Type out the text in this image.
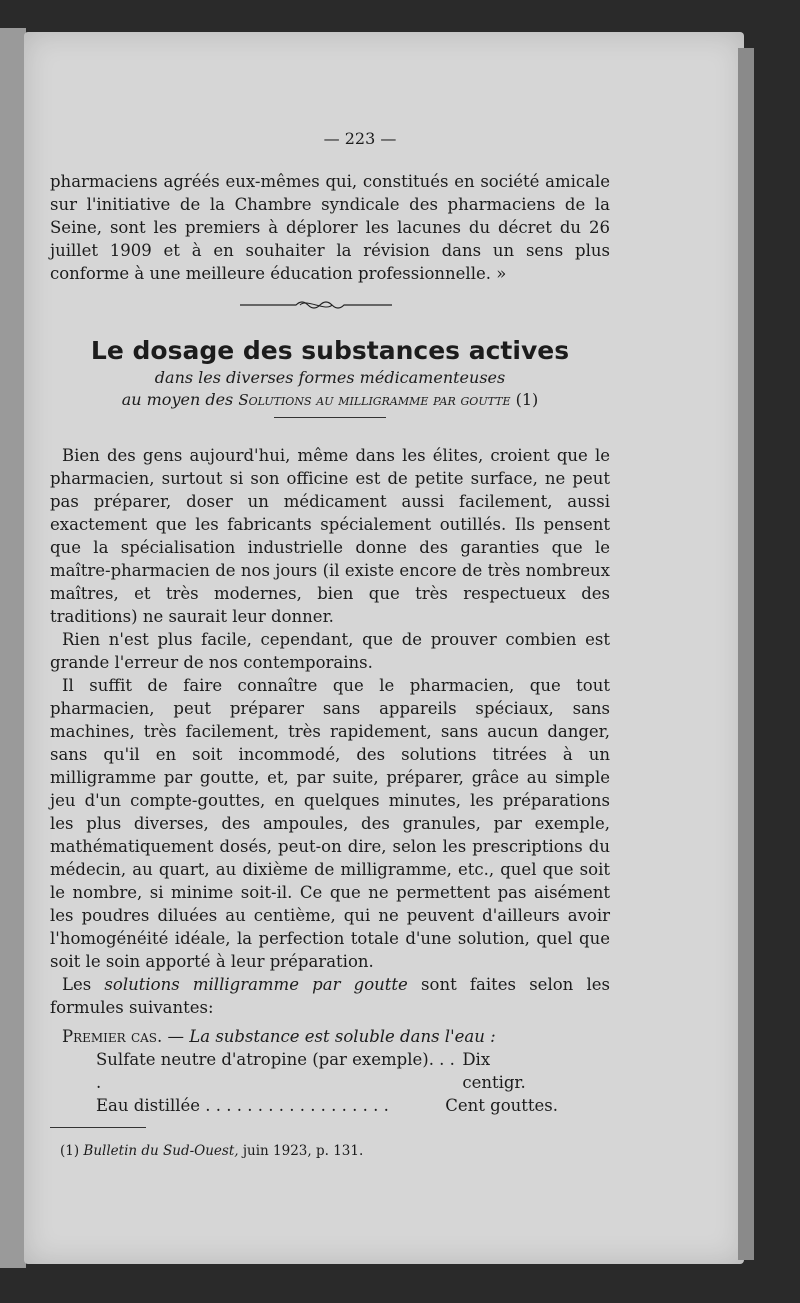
— 223 —

pharmaciens agréés eux-mêmes qui, constitués en société amicale sur l'initiative de la Chambre syndicale des pharmaciens de la Seine, sont les premiers à déplorer les lacunes du décret du 26 juillet 1909 et à en souhaiter la révision dans un sens plus conforme à une meilleure éducation professionnelle. »

Le dosage des substances actives
dans les diverses formes médicamenteuses
au moyen des Solutions au milligramme par goutte (1)

Bien des gens aujourd'hui, même dans les élites, croient que le pharmacien, surtout si son officine est de petite surface, ne peut pas préparer, doser un médicament aussi facilement, aussi exactement que les fabricants spécialement outillés. Ils pensent que la spécialisation industrielle donne des garanties que le maître-pharmacien de nos jours (il existe encore de très nombreux maîtres, et très modernes, bien que très respectueux des traditions) ne saurait leur donner.

Rien n'est plus facile, cependant, que de prouver combien est grande l'erreur de nos contemporains.

Il suffit de faire connaître que le pharmacien, que tout pharmacien, peut préparer sans appareils spéciaux, sans machines, très facilement, très rapidement, sans aucun danger, sans qu'il en soit incommodé, des solutions titrées à un milligramme par goutte, et, par suite, préparer, grâce au simple jeu d'un compte-gouttes, en quelques minutes, les préparations les plus diverses, des ampoules, des granules, par exemple, mathématiquement dosés, peut-on dire, selon les prescriptions du médecin, au quart, au dixième de milligramme, etc., quel que soit le nombre, si minime soit-il. Ce que ne permettent pas aisément les poudres diluées au centième, qui ne peuvent d'ailleurs avoir l'homogénéité idéale, la perfection totale d'une solution, quel que soit le soin apporté à leur préparation.

Les solutions milligramme par goutte sont faites selon les formules suivantes:

Premier cas. — La substance est soluble dans l'eau :
Sulfate neutre d'atropine (par exemple). . . .
Dix centigr.
Eau distillée . . . . . . . . . . . . . . . . . .	Cent gouttes.
(1) Bulletin du Sud-Ouest, juin 1923, p. 131.
